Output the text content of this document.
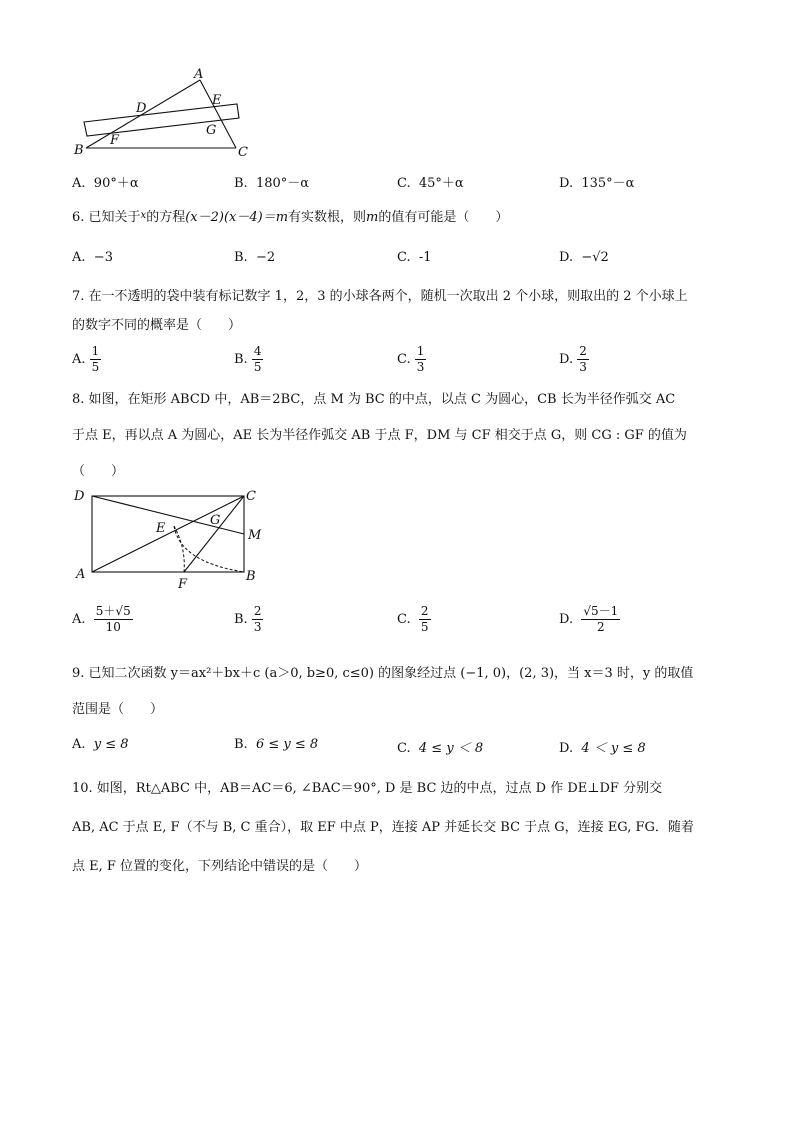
A
D
E
F
G
B	C
A. 90°＋α	B. 180°－α	C. 45°＋α	D. 135°－α
6. 已知关于$^x$的方程(x－2)(x－4)＝m有实数根，则m的值有可能是（　　）
A. −3	B. −2	C. -1	D. −√2
7. 在一不透明的袋中装有标记数字 1，2，3 的小球各两个，随机一次取出 2 个小球，则取出的 2 个小球上
的数字不同的概率是（　　）
A. $\frac{1}{5}$	B. $\frac{4}{5}$	C. $\frac{1}{3}$	D. $\frac{2}{3}$
8. 如图，在矩形 ABCD 中，AB＝2BC，点 M 为 BC 的中点，以点 C 为圆心，CB 长为半径作弧交 AC
于点 E，再以点 A 为圆心，AE 长为半径作弧交 AB 于点 F，DM 与 CF 相交于点 G，则 CG : GF 的值为
（　　）
D	C
E
G
M
A
F
B
A. $\frac{5+√5}{10}$	B. $\frac{2}{3}$	C. $\frac{2}{5}$	D. $\frac{√5-1}{2}$
9. 已知二次函数 y＝ax²＋bx＋c (a＞0, b≥0, c≤0) 的图象经过点 (−1, 0)，(2, 3)，当 x＝3 时，y 的取值
范围是（　　）
A. y ≤ 8	B. 6 ≤ y ≤ 8	C. 4 ≤ y ＜ 8	D. 4 ＜ y ≤ 8
10. 如图，Rt△ABC 中，AB＝AC＝6, ∠BAC＝90°, D 是 BC 边的中点，过点 D 作 DE⊥DF 分别交
AB, AC 于点 E, F（不与 B, C 重合），取 EF 中点 P，连接 AP 并延长交 BC 于点 G，连接 EG, FG．随着
点 E, F 位置的变化，下列结论中错误的是（　　）
